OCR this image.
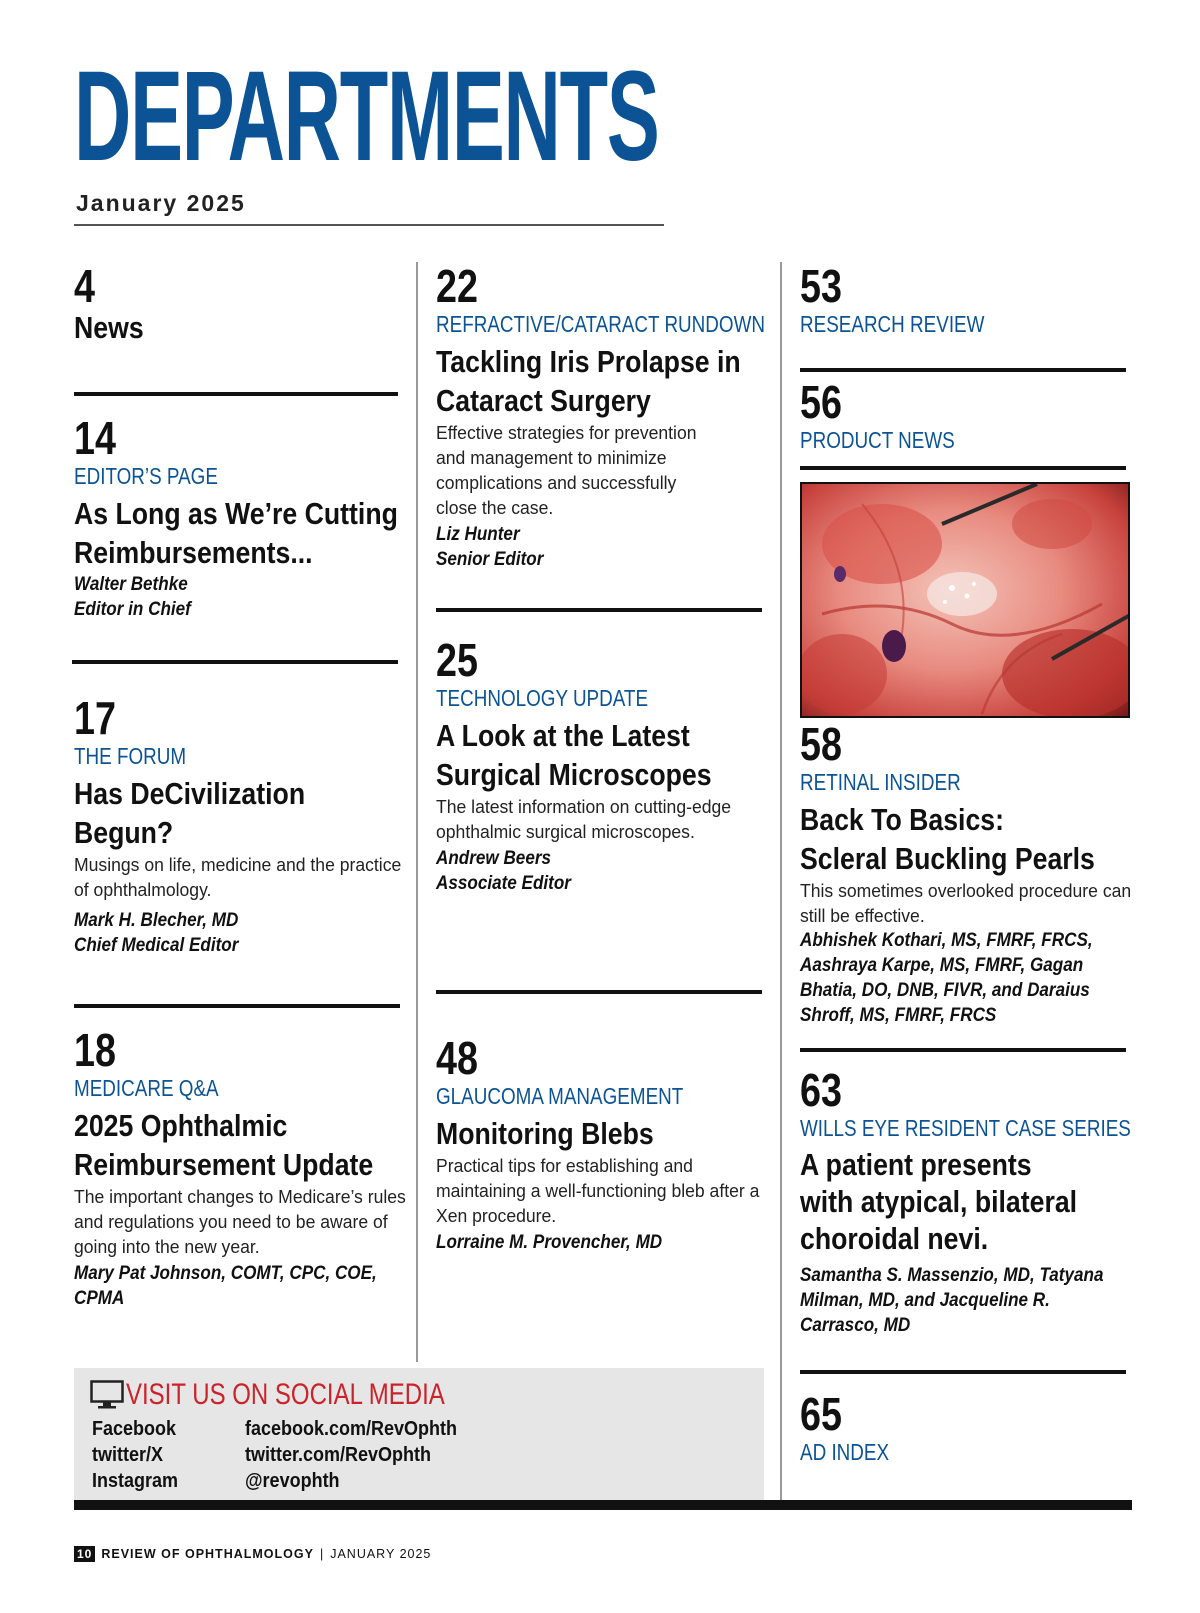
DEPARTMENTS
January 2025
4
News
14
EDITOR’S PAGE
As Long as We’re Cutting Reimbursements...
Walter Bethke
Editor in Chief
17
THE FORUM
Has DeCivilization Begun?
Musings on life, medicine and the practice of ophthalmology.
Mark H. Blecher, MD
Chief Medical Editor
18
MEDICARE Q&A
2025 Ophthalmic Reimbursement Update
The important changes to Medicare’s rules and regulations you need to be aware of going into the new year.
Mary Pat Johnson, COMT, CPC, COE, CPMA
22
REFRACTIVE/CATARACT RUNDOWN
Tackling Iris Prolapse in Cataract Surgery
Effective strategies for prevention and management to minimize complications and successfully close the case.
Liz Hunter
Senior Editor
25
TECHNOLOGY UPDATE
A Look at the Latest Surgical Microscopes
The latest information on cutting-edge ophthalmic surgical microscopes.
Andrew Beers
Associate Editor
48
GLAUCOMA MANAGEMENT
Monitoring Blebs
Practical tips for establishing and maintaining a well-functioning bleb after a Xen procedure.
Lorraine M. Provencher, MD
53
RESEARCH REVIEW
56
PRODUCT NEWS
58
RETINAL INSIDER
Back To Basics: Scleral Buckling Pearls
This sometimes overlooked procedure can still be effective.
Abhishek Kothari, MS, FMRF, FRCS, Aashraya Karpe, MS, FMRF, Gagan Bhatia, DO, DNB, FIVR, and Daraius Shroff, MS, FMRF, FRCS
63
WILLS EYE RESIDENT CASE SERIES
A patient presents with atypical, bilateral choroidal nevi.
Samantha S. Massenzio, MD, Tatyana Milman, MD, and Jacqueline R. Carrasco, MD
65
AD INDEX
VISIT US ON SOCIAL MEDIA
Facebook	facebook.com/RevOphth
twitter/X	twitter.com/RevOphth
Instagram	@revophth
10 REVIEW OF OPHTHALMOLOGY | JANUARY 2025
